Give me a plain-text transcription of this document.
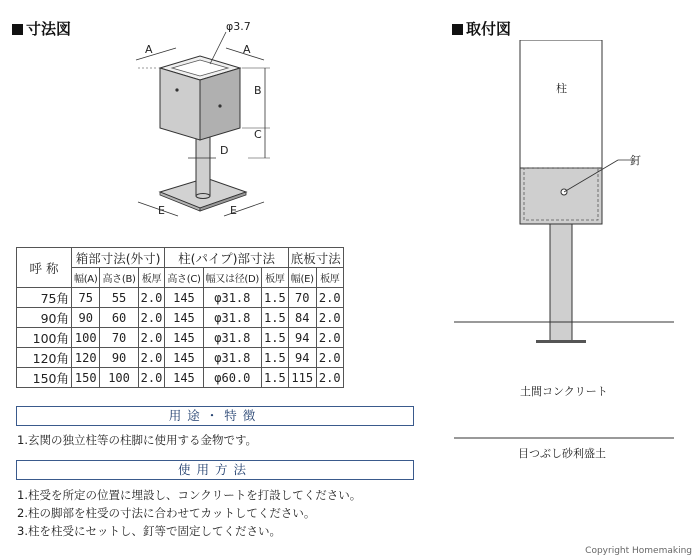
寸法図	取付図
A	A
φ3.7
B
C
D
E	E
呼 称	箱部寸法(外寸)			柱(パイプ)部寸法			底板寸法	
	幅(A)	高さ(B)	板厚	高さ(C)	幅又は径(D)	板厚	幅(E)	板厚
75角	75	55	2.0	145	φ31.8	1.5	70	2.0
90角	90	60	2.0	145	φ31.8	1.5	84	2.0
100角	100	70	2.0	145	φ31.8	1.5	94	2.0
120角	120	90	2.0	145	φ31.8	1.5	94	2.0
150角	150	100	2.0	145	φ60.0	1.5	115	2.0
用途・特徴
1.玄関の独立柱等の柱脚に使用する金物です。
使用方法
1.柱受を所定の位置に埋設し、コンクリートを打設してください。
2.柱の脚部を柱受の寸法に合わせてカットしてください。
3.柱を柱受にセットし、釘等で固定してください。
柱
釘
土間コンクリート
目つぶし砂利盛土
Copyright Homemaking
